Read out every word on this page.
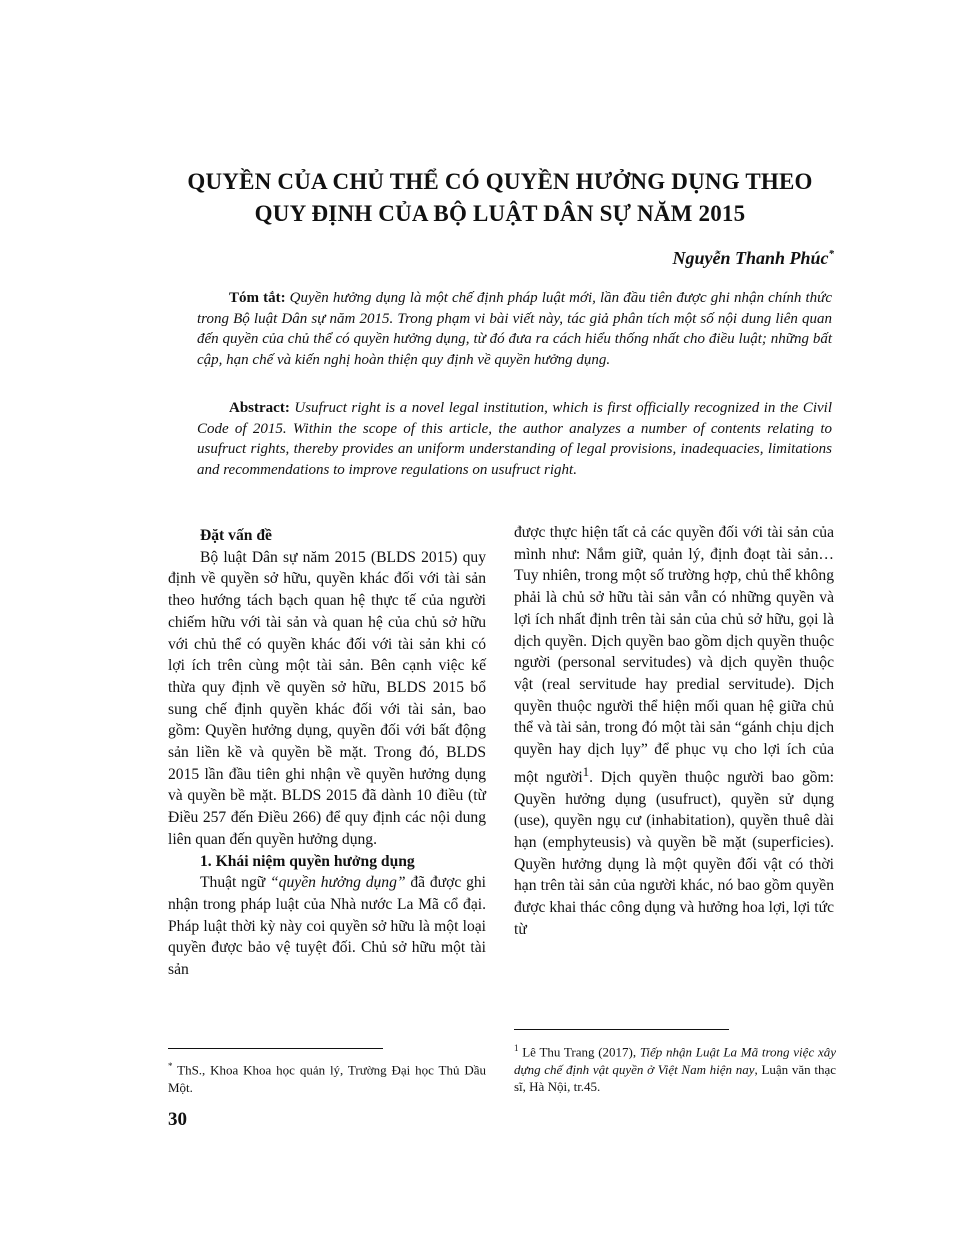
QUYỀN CỦA CHỦ THỂ CÓ QUYỀN HƯỞNG DỤNG THEO
QUY ĐỊNH CỦA BỘ LUẬT DÂN SỰ NĂM 2015
Nguyễn Thanh Phúc*
Tóm tắt: Quyền hưởng dụng là một chế định pháp luật mới, lần đầu tiên được ghi nhận chính thức trong Bộ luật Dân sự năm 2015. Trong phạm vi bài viết này, tác giả phân tích một số nội dung liên quan đến quyền của chủ thể có quyền hưởng dụng, từ đó đưa ra cách hiểu thống nhất cho điều luật; những bất cập, hạn chế và kiến nghị hoàn thiện quy định về quyền hưởng dụng.
Abstract: Usufruct right is a novel legal institution, which is first officially recognized in the Civil Code of 2015. Within the scope of this article, the author analyzes a number of contents relating to usufruct rights, thereby provides an uniform understanding of legal provisions, inadequacies, limitations and recommendations to improve regulations on usufruct right.
Đặt vấn đề

Bộ luật Dân sự năm 2015 (BLDS 2015) quy định về quyền sở hữu, quyền khác đối với tài sản theo hướng tách bạch quan hệ thực tế của người chiếm hữu với tài sản và quan hệ của chủ sở hữu với chủ thể có quyền khác đối với tài sản khi có lợi ích trên cùng một tài sản. Bên cạnh việc kế thừa quy định về quyền sở hữu, BLDS 2015 bổ sung chế định quyền khác đối với tài sản, bao gồm: Quyền hưởng dụng, quyền đối với bất động sản liền kề và quyền bề mặt. Trong đó, BLDS 2015 lần đầu tiên ghi nhận về quyền hưởng dụng và quyền bề mặt. BLDS 2015 đã dành 10 điều (từ Điều 257 đến Điều 266) để quy định các nội dung liên quan đến quyền hưởng dụng.

1. Khái niệm quyền hưởng dụng

Thuật ngữ “quyền hưởng dụng” đã được ghi nhận trong pháp luật của Nhà nước La Mã cổ đại. Pháp luật thời kỳ này coi quyền sở hữu là một loại quyền được bảo vệ tuyệt đối. Chủ sở hữu một tài sản

được thực hiện tất cả các quyền đối với tài sản của mình như: Nắm giữ, quản lý, định đoạt tài sản… Tuy nhiên, trong một số trường hợp, chủ thể không phải là chủ sở hữu tài sản vẫn có những quyền và lợi ích nhất định trên tài sản của chủ sở hữu, gọi là dịch quyền. Dịch quyền bao gồm dịch quyền thuộc người (personal servitudes) và dịch quyền thuộc vật (real servitude hay predial servitude). Dịch quyền thuộc người thể hiện mối quan hệ giữa chủ thể và tài sản, trong đó một tài sản “gánh chịu dịch quyền hay dịch lụy” để phục vụ cho lợi ích của một người$^1$. Dịch quyền thuộc người bao gồm: Quyền hưởng dụng (usufruct), quyền sử dụng (use), quyền ngụ cư (inhabitation), quyền thuê dài hạn (emphyteusis) và quyền bề mặt (superficies). Quyền hưởng dụng là một quyền đối vật có thời hạn trên tài sản của người khác, nó bao gồm quyền được khai thác công dụng và hưởng hoa lợi, lợi tức từ

* ThS., Khoa Khoa học quản lý, Trường Đại học Thủ Dầu Một.
$^1$ Lê Thu Trang (2017), Tiếp nhận Luật La Mã trong việc xây dựng chế định vật quyền ở Việt Nam hiện nay, Luận văn thạc sĩ, Hà Nội, tr.45.
30
